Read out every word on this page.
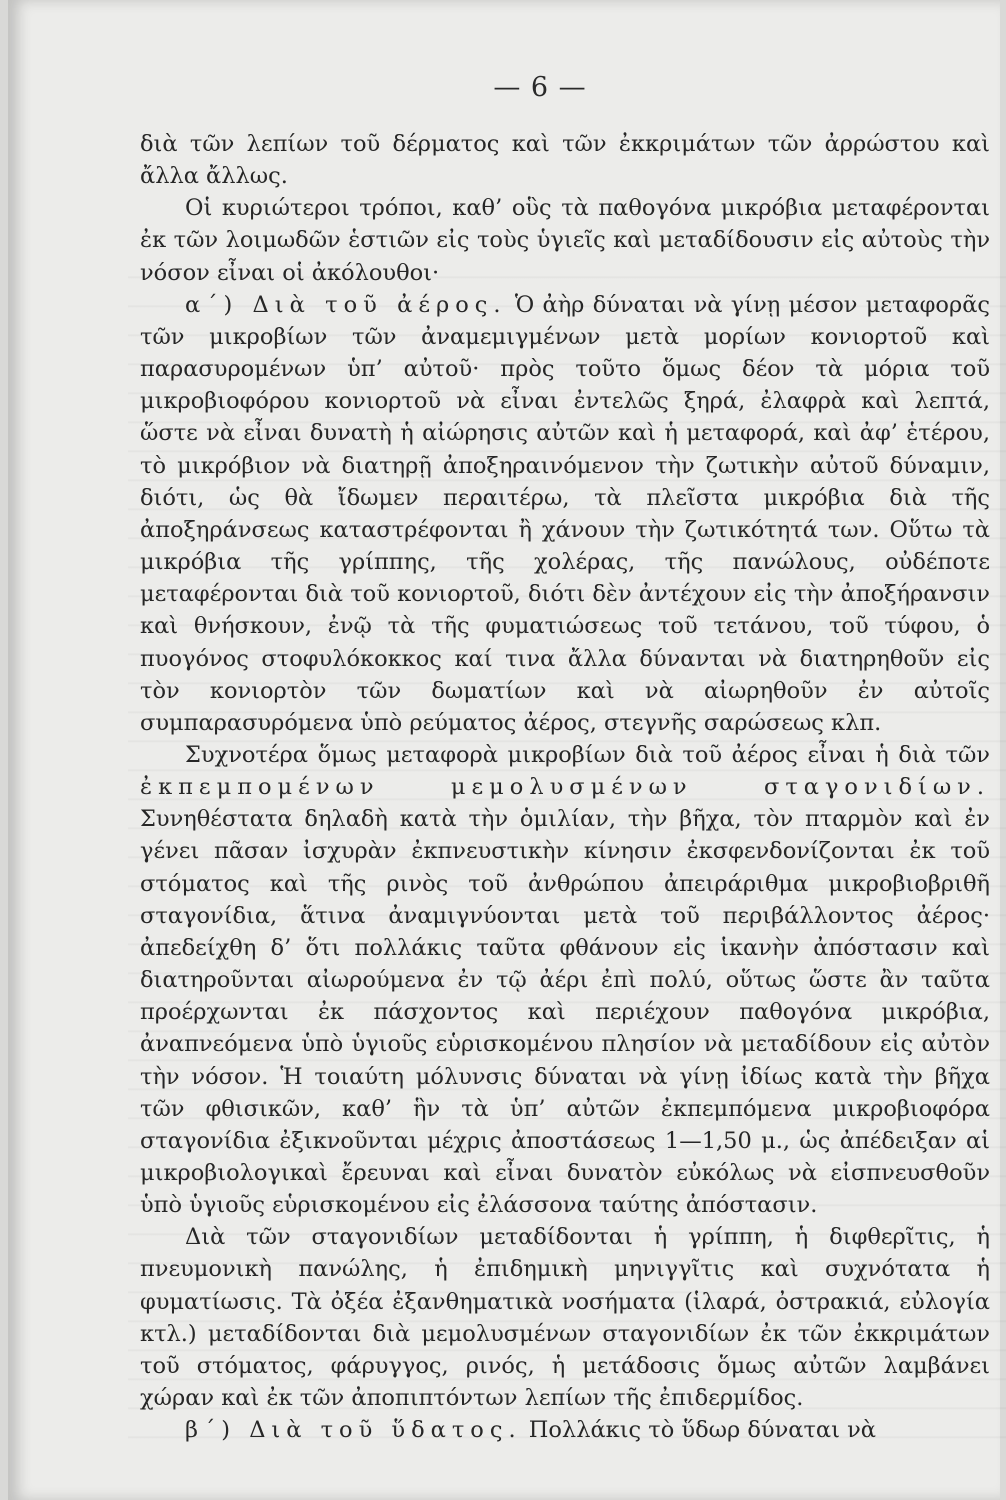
— 6 —

διὰ τῶν λεπίων τοῦ δέρματος καὶ τῶν ἐκκριμάτων τῶν ἀρρώστου καὶ ἄλλα ἄλλως.

Οἱ κυριώτεροι τρόποι, καθ’ οὓς τὰ παθογόνα μικρόβια μεταφέρονται ἐκ τῶν λοιμωδῶν ἑστιῶν εἰς τοὺς ὑγιεῖς καὶ μεταδίδουσιν εἰς αὐτοὺς τὴν νόσον εἶναι οἱ ἀκόλουθοι·

α΄) Διὰ τοῦ ἀέρος. Ὁ ἀὴρ δύναται νὰ γίνῃ μέσον μεταφορᾶς τῶν μικροβίων τῶν ἀναμεμιγμένων μετὰ μορίων κονιορτοῦ καὶ παρασυρομένων ὑπ’ αὐτοῦ· πρὸς τοῦτο ὅμως δέον τὰ μόρια τοῦ μικροβιοφόρου κονιορτοῦ νὰ εἶναι ἐντελῶς ξηρά, ἐλαφρὰ καὶ λεπτά, ὥστε νὰ εἶναι δυνατὴ ἡ αἰώρησις αὐτῶν καὶ ἡ μεταφορά, καὶ ἀφ’ ἑτέρου, τὸ μικρόβιον νὰ διατηρῇ ἀποξηραινόμενον τὴν ζωτικὴν αὐτοῦ δύναμιν, διότι, ὡς θὰ ἴδωμεν περαιτέρω, τὰ πλεῖστα μικρόβια διὰ τῆς ἀποξηράνσεως καταστρέφονται ἢ χάνουν τὴν ζωτικότητά των. Οὕτω τὰ μικρόβια τῆς γρίππης, τῆς χολέρας, τῆς πανώλους, οὐδέποτε μεταφέρονται διὰ τοῦ κονιορτοῦ, διότι δὲν ἀντέχουν εἰς τὴν ἀποξήρανσιν καὶ θνήσκουν, ἐνῷ τὰ τῆς φυματιώσεως τοῦ τετάνου, τοῦ τύφου, ὁ πυογόνος στοφυλόκοκκος καί τινα ἄλλα δύνανται νὰ διατηρηθοῦν εἰς τὸν κονιορτὸν τῶν δωματίων καὶ νὰ αἰωρηθοῦν ἐν αὐτοῖς συμπαρασυρόμενα ὑπὸ ρεύματος ἀέρος, στεγνῆς σαρώσεως κλπ.

Συχνοτέρα ὅμως μεταφορὰ μικροβίων διὰ τοῦ ἀέρος εἶναι ἡ διὰ τῶν ἐκπεμπομένων μεμολυσμένων σταγονιδίων. Συνηθέστατα δηλαδὴ κατὰ τὴν ὁμιλίαν, τὴν βῆχα, τὸν πταρμὸν καὶ ἐν γένει πᾶσαν ἰσχυρὰν ἐκπνευστικὴν κίνησιν ἐκσφενδονίζονται ἐκ τοῦ στόματος καὶ τῆς ρινὸς τοῦ ἀνθρώπου ἀπειράριθμα μικροβιοβριθῆ σταγονίδια, ἅτινα ἀναμιγνύονται μετὰ τοῦ περιβάλλοντος ἀέρος· ἀπεδείχθη δ’ ὅτι πολλάκις ταῦτα φθάνουν εἰς ἱκανὴν ἀπόστασιν καὶ διατηροῦνται αἰωρούμενα ἐν τῷ ἀέρι ἐπὶ πολύ, οὕτως ὥστε ἂν ταῦτα προέρχωνται ἐκ πάσχοντος καὶ περιέχουν παθογόνα μικρόβια, ἀναπνεόμενα ὑπὸ ὑγιοῦς εὑρισκομένου πλησίον νὰ μεταδίδουν εἰς αὐτὸν τὴν νόσον. Ἡ τοιαύτη μόλυνσις δύναται νὰ γίνῃ ἰδίως κατὰ τὴν βῆχα τῶν φθισικῶν, καθ’ ἣν τὰ ὑπ’ αὐτῶν ἐκπεμπόμενα μικροβιοφόρα σταγονίδια ἐξικνοῦνται μέχρις ἀποστάσεως 1—1,50 μ., ὡς ἀπέδειξαν αἱ μικροβιολογικαὶ ἔρευναι καὶ εἶναι δυνατὸν εὐκόλως νὰ εἰσπνευσθοῦν ὑπὸ ὑγιοῦς εὑρισκομένου εἰς ἐλάσσονα ταύτης ἀπόστασιν.

Διὰ τῶν σταγονιδίων μεταδίδονται ἡ γρίππη, ἡ διφθερῖτις, ἡ πνευμονικὴ πανώλης, ἡ ἐπιδημικὴ μηνιγγῖτις καὶ συχνότατα ἡ φυματίωσις. Τὰ ὀξέα ἐξανθηματικὰ νοσήματα (ἱλαρά, ὀστρακιά, εὐλογία κτλ.) μεταδίδονται διὰ μεμολυσμένων σταγονιδίων ἐκ τῶν ἐκκριμάτων τοῦ στόματος, φάρυγγος, ρινός, ἡ μετάδοσις ὅμως αὐτῶν λαμβάνει χώραν καὶ ἐκ τῶν ἀποπιπτόντων λεπίων τῆς ἐπιδερμίδος.

β΄) Διὰ τοῦ ὕδατος. Πολλάκις τὸ ὕδωρ δύναται νὰ
